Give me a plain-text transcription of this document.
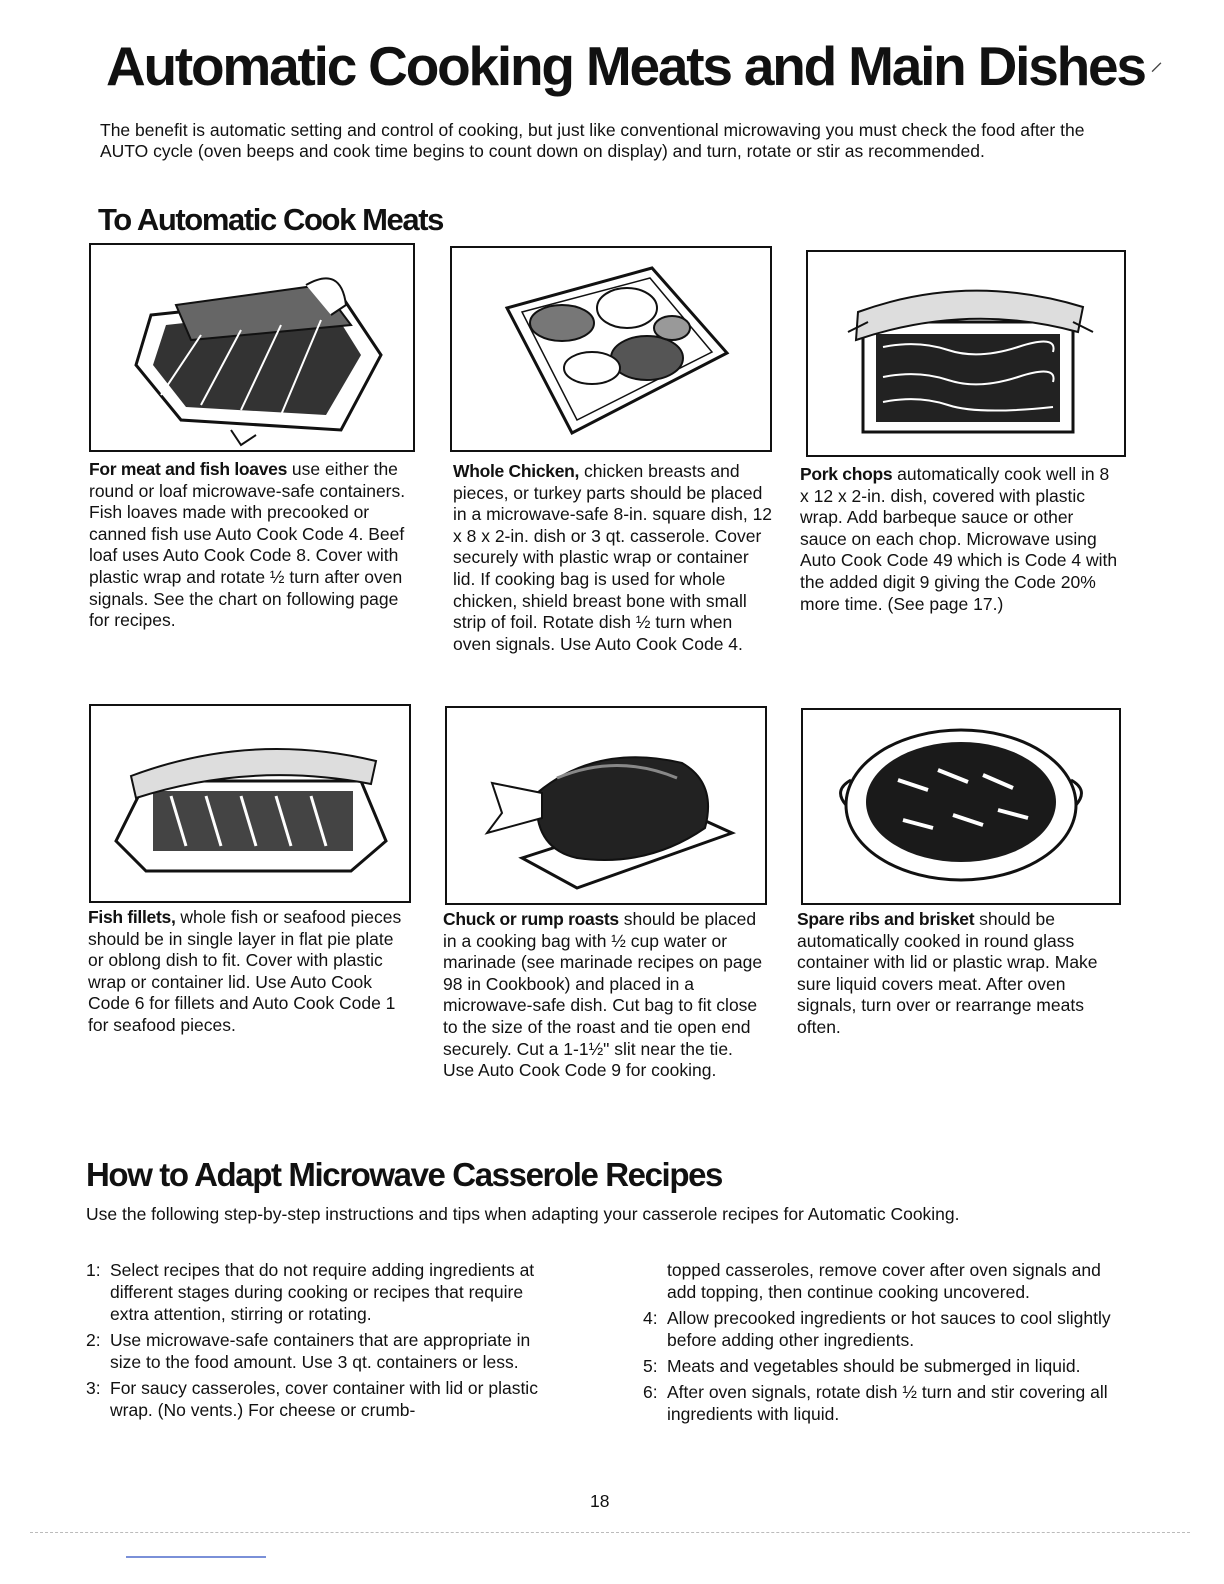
Automatic Cooking Meats and Main Dishes ⸝

The benefit is automatic setting and control of cooking, but just like conventional microwaving you must check the food after the AUTO cycle (oven beeps and cook time begins to count down on display) and turn, rotate or stir as recommended.

To Automatic Cook Meats

For meat and fish loaves use either the round or loaf microwave-safe containers. Fish loaves made with precooked or canned fish use Auto Cook Code 4. Beef loaf uses Auto Cook Code 8. Cover with plastic wrap and rotate ½ turn after oven signals. See the chart on following page for recipes.

Whole Chicken, chicken breasts and pieces, or turkey parts should be placed in a microwave-safe 8-in. square dish, 12 x 8 x 2-in. dish or 3 qt. casserole. Cover securely with plastic wrap or container lid. If cooking bag is used for whole chicken, shield breast bone with small strip of foil. Rotate dish ½ turn when oven signals. Use Auto Cook Code 4.

Pork chops automatically cook well in 8 x 12 x 2-in. dish, covered with plastic wrap. Add barbeque sauce or other sauce on each chop. Microwave using Auto Cook Code 49 which is Code 4 with the added digit 9 giving the Code 20% more time. (See page 17.)

Fish fillets, whole fish or seafood pieces should be in single layer in flat pie plate or oblong dish to fit. Cover with plastic wrap or container lid. Use Auto Cook Code 6 for fillets and Auto Cook Code 1 for seafood pieces.

Chuck or rump roasts should be placed in a cooking bag with ½ cup water or marinade (see marinade recipes on page 98 in Cookbook) and placed in a microwave-safe dish. Cut bag to fit close to the size of the roast and tie open end securely. Cut a 1-1½" slit near the tie. Use Auto Cook Code 9 for cooking.

Spare ribs and brisket should be automatically cooked in round glass container with lid or plastic wrap. Make sure liquid covers meat. After oven signals, turn over or rearrange meats often.

How to Adapt Microwave Casserole Recipes

Use the following step-by-step instructions and tips when adapting your casserole recipes for Automatic Cooking.

1: Select recipes that do not require adding ingredients at different stages during cooking or recipes that require extra attention, stirring or rotating.
2: Use microwave-safe containers that are appropriate in size to the food amount. Use 3 qt. containers or less.
3: For saucy casseroles, cover container with lid or plastic wrap. (No vents.) For cheese or crumb-
topped casseroles, remove cover after oven signals and add topping, then continue cooking uncovered.
4: Allow precooked ingredients or hot sauces to cool slightly before adding other ingredients.
5: Meats and vegetables should be submerged in liquid.
6: After oven signals, rotate dish ½ turn and stir covering all ingredients with liquid.
18
